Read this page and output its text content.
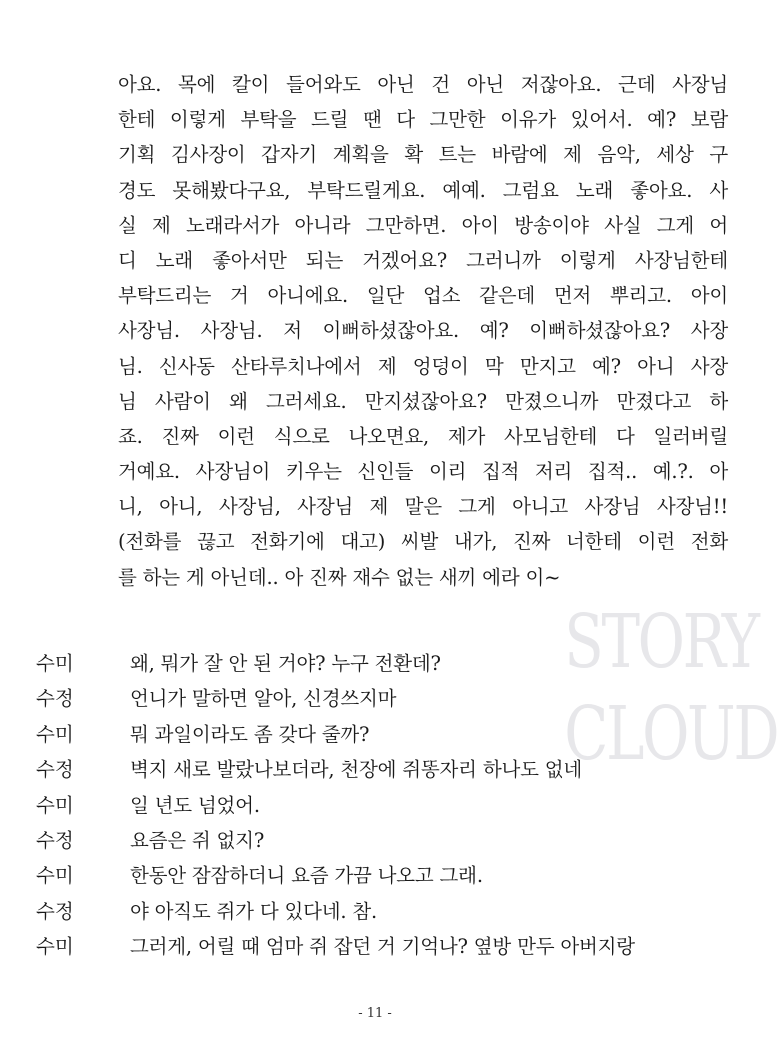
STORY
CLOUD
아요. 목에 칼이 들어와도 아닌 건 아닌 저잖아요. 근데 사장님
한테 이렇게 부탁을 드릴 땐 다 그만한 이유가 있어서. 예? 보람
기획 김사장이 갑자기 계획을 확 트는 바람에 제 음악, 세상 구
경도 못해봤다구요, 부탁드릴게요. 예예. 그럼요 노래 좋아요. 사
실 제 노래라서가 아니라 그만하면. 아이 방송이야 사실 그게 어
디 노래 좋아서만 되는 거겠어요? 그러니까 이렇게 사장님한테
부탁드리는 거 아니에요. 일단 업소 같은데 먼저 뿌리고. 아이
사장님. 사장님. 저 이뻐하셨잖아요. 예? 이뻐하셨잖아요? 사장
님. 신사동 산타루치나에서 제 엉덩이 막 만지고 예? 아니 사장
님 사람이 왜 그러세요. 만지셨잖아요? 만졌으니까 만졌다고 하
죠. 진짜 이런 식으로 나오면요, 제가 사모님한테 다 일러버릴
거예요. 사장님이 키우는 신인들 이리 집적 저리 집적.. 예.?. 아
니, 아니, 사장님, 사장님 제 말은 그게 아니고 사장님 사장님!!
(전화를 끊고 전화기에 대고) 씨발 내가, 진짜 너한테 이런 전화
를 하는 게 아닌데.. 아 진짜 재수 없는 새끼 에라 이~
수미	왜, 뭐가 잘 안 된 거야? 누구 전환데?
수정	언니가 말하면 알아, 신경쓰지마
수미	뭐 과일이라도 좀 갖다 줄까?
수정	벽지 새로 발랐나보더라, 천장에 쥐똥자리 하나도 없네
수미	일 년도 넘었어.
수정	요즘은 쥐 없지?
수미	한동안 잠잠하더니 요즘 가끔 나오고 그래.
수정	야 아직도 쥐가 다 있다네. 참.
수미	그러게, 어릴 때 엄마 쥐 잡던 거 기억나? 옆방 만두 아버지랑
- 11 -
